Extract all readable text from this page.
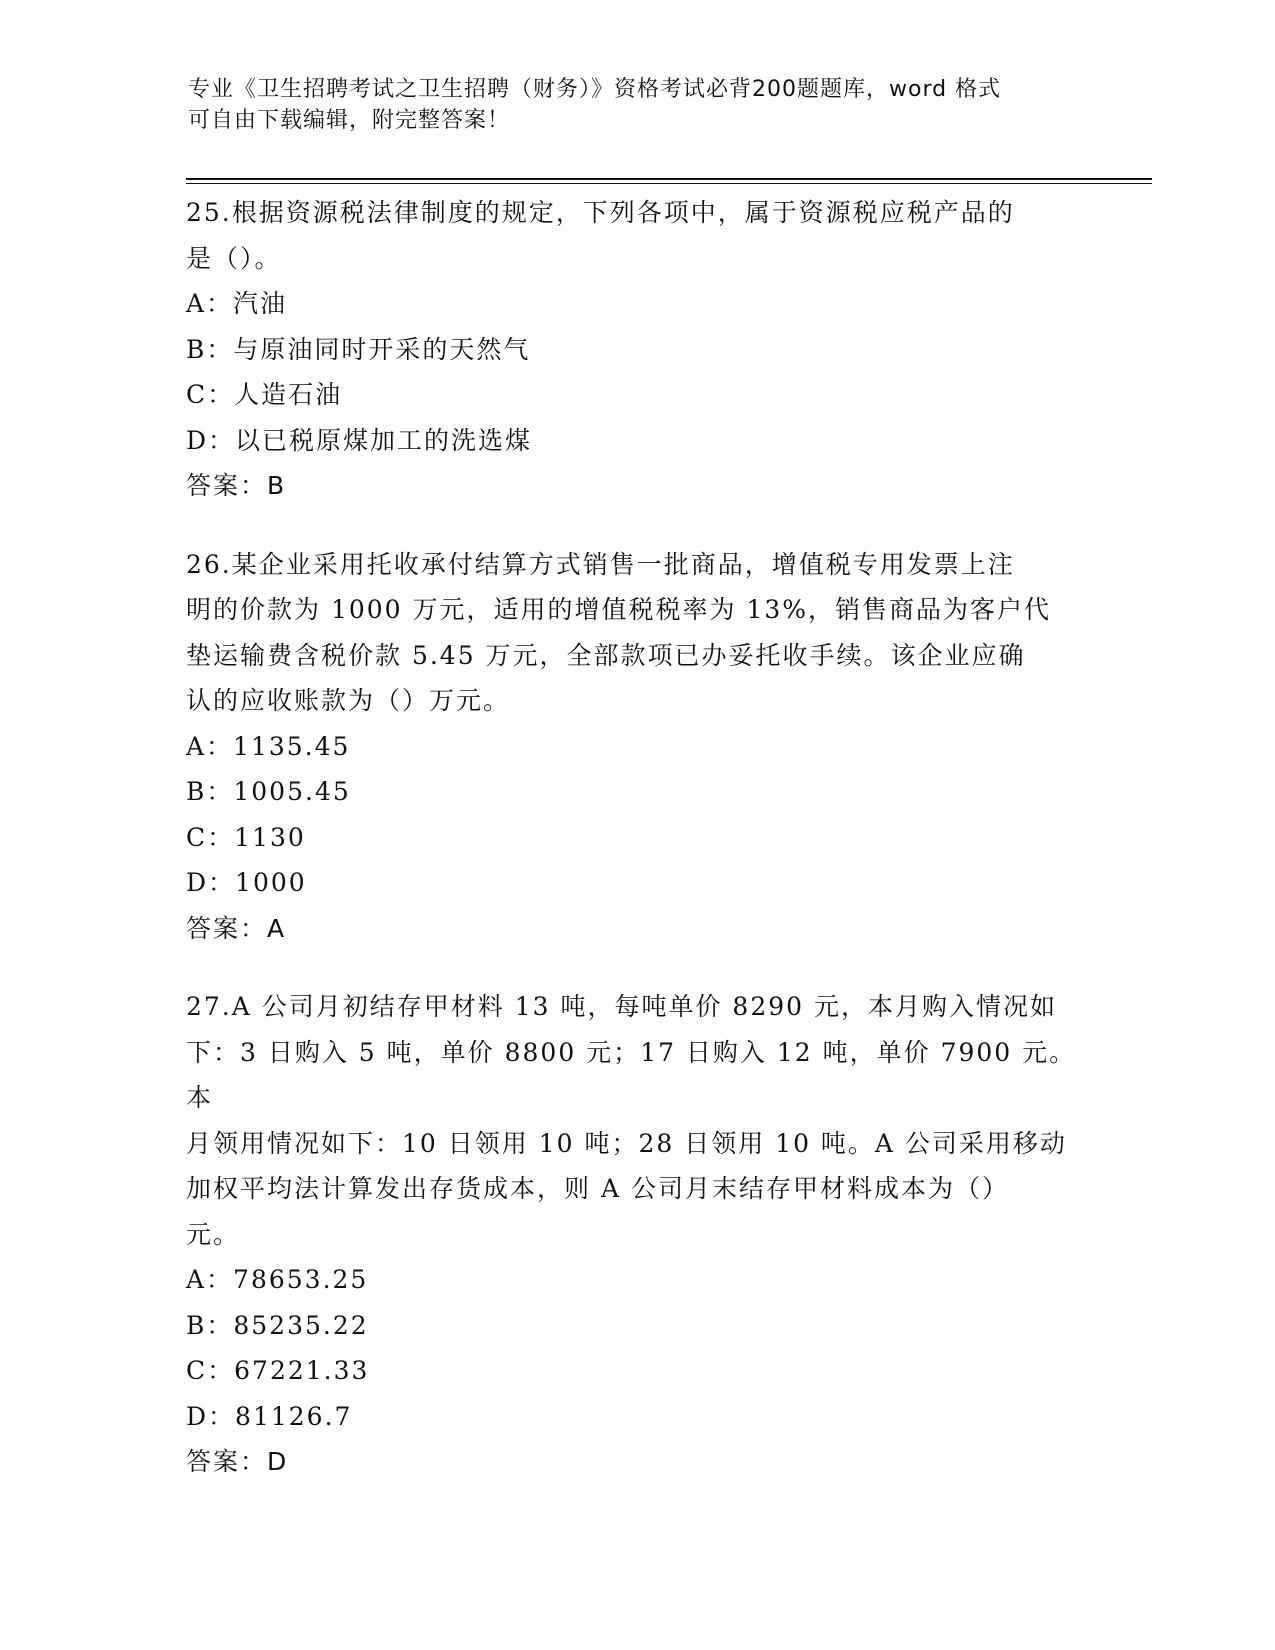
专业《卫生招聘考试之卫生招聘（财务）》资格考试必背200题题库，word 格式
可自由下载编辑，附完整答案！
25.根据资源税法律制度的规定，下列各项中，属于资源税应税产品的
是（）。
A：汽油
B：与原油同时开采的天然气
C：人造石油
D：以已税原煤加工的洗选煤
答案：B
26.某企业采用托收承付结算方式销售一批商品，增值税专用发票上注
明的价款为 1000 万元，适用的增值税税率为 13%，销售商品为客户代
垫运输费含税价款 5.45 万元，全部款项已办妥托收手续。该企业应确
认的应收账款为（）万元。
A：1135.45
B：1005.45
C：1130
D：1000
答案：A
27.A 公司月初结存甲材料 13 吨，每吨单价 8290 元，本月购入情况如
下：3 日购入 5 吨，单价 8800 元；17 日购入 12 吨，单价 7900 元。本
月领用情况如下：10 日领用 10 吨；28 日领用 10 吨。A 公司采用移动
加权平均法计算发出存货成本，则 A 公司月末结存甲材料成本为（）
元。
A：78653.25
B：85235.22
C：67221.33
D：81126.7
答案：D
